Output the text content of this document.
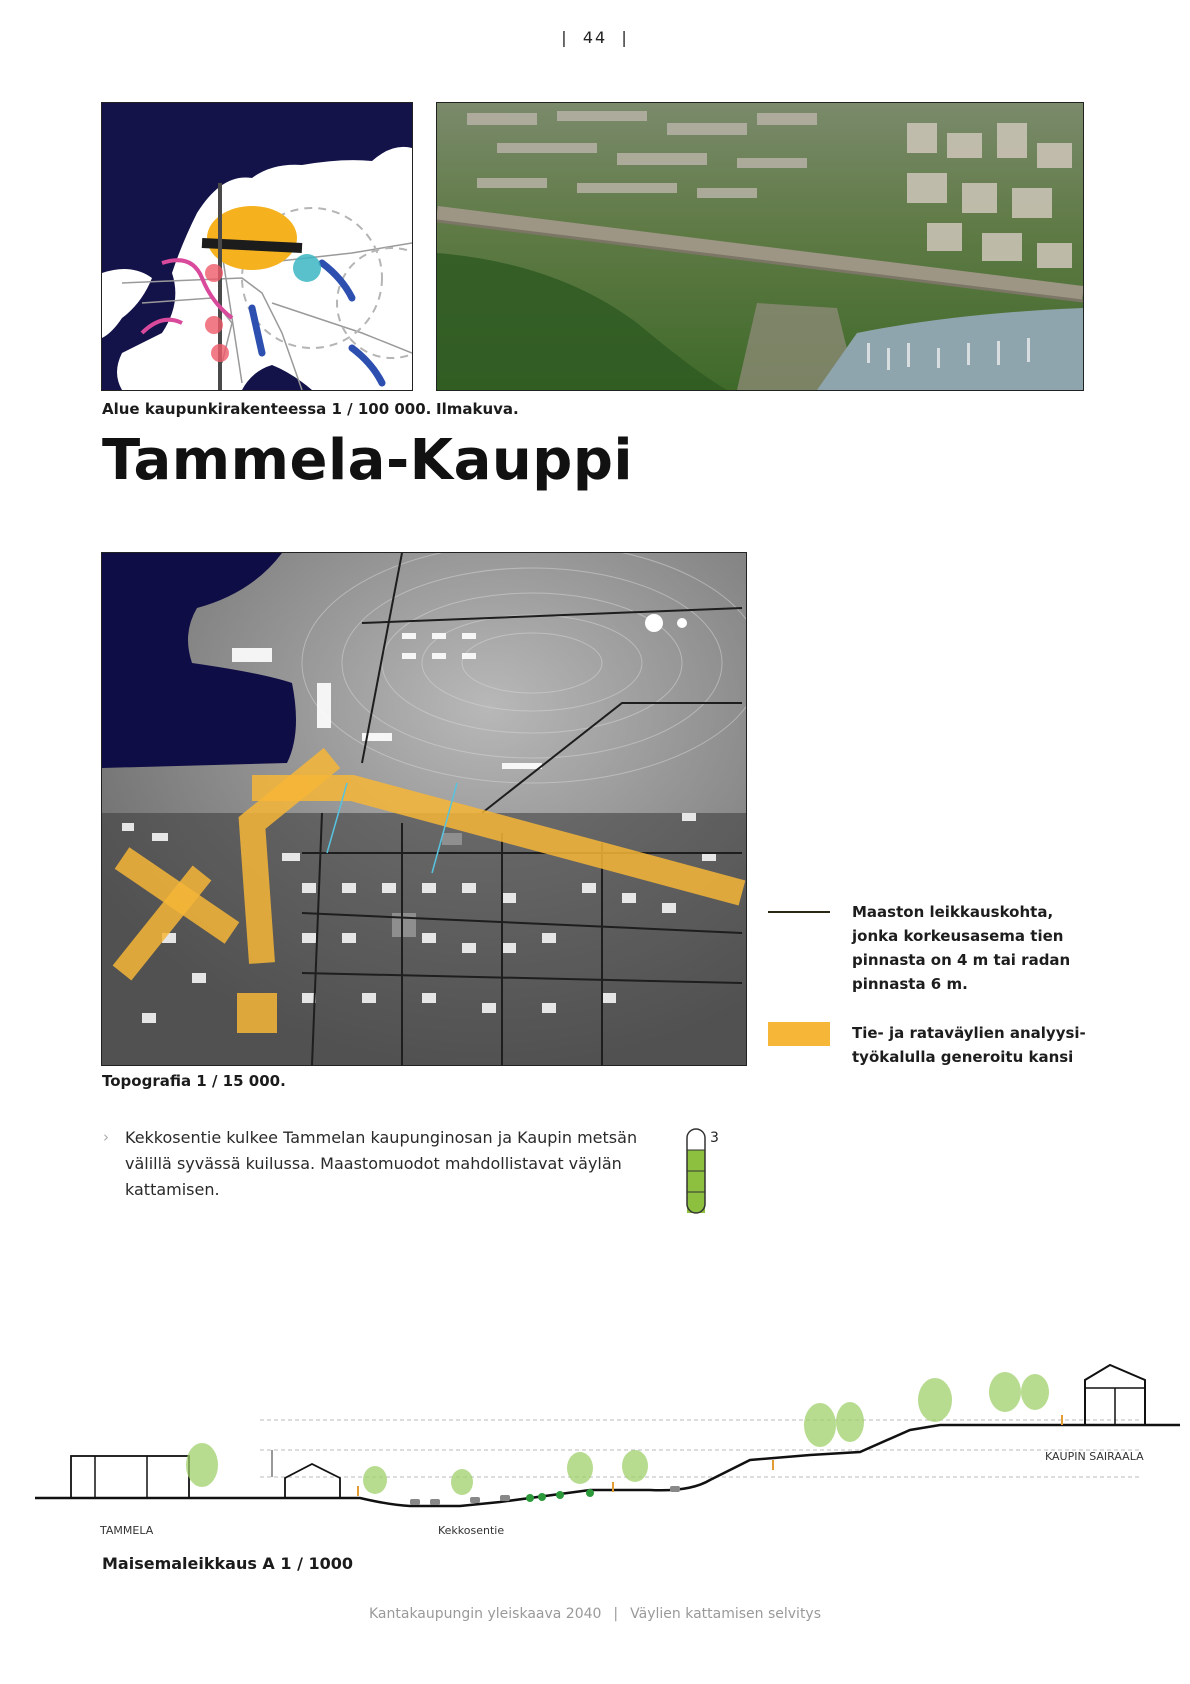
|  44  |
Alue kaupunkirakenteessa 1 / 100 000. Ilmakuva.
Tammela-Kauppi
Topografia 1 / 15 000.
Maaston leikkauskohta,
jonka korkeusasema tien
pinnasta on 4 m tai radan
pinnasta 6 m.
Tie- ja rataväylien analyysi-
työkalulla generoitu kansi
› Kekkosentie kulkee Tammelan kaupunginosan ja Kaupin metsän
välillä syvässä kuilussa. Maastomuodot mahdollistavat väylän
kattamisen.
3
TAMMELA	Kekkosentie
KAUPIN SAIRAALA
Maisemaleikkaus A 1 / 1000
Kantakaupungin yleiskaava 2040 | Väylien kattamisen selvitys
